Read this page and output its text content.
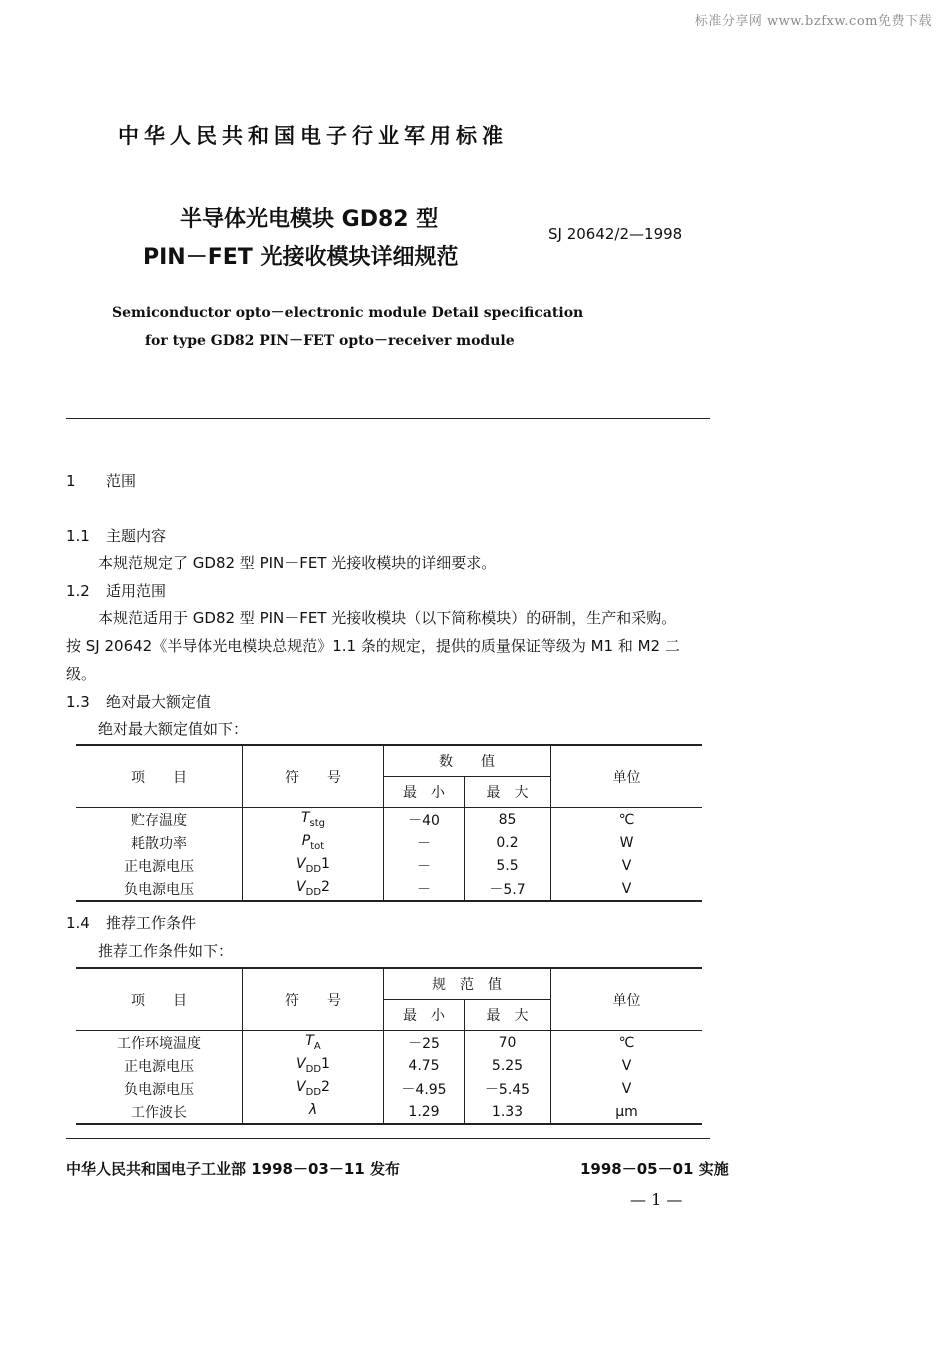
标准分享网 www.bzfxw.com免费下载
中华人民共和国电子行业军用标准
半导体光电模块 GD82 型
PIN－FET 光接收模块详细规范
SJ 20642/2—1998
Semiconductor opto－electronic module Detail specification
for type GD82 PIN－FET opto－receiver module
1 范围
1.1 主题内容
本规范规定了 GD82 型 PIN－FET 光接收模块的详细要求。
1.2 适用范围
本规范适用于 GD82 型 PIN－FET 光接收模块（以下简称模块）的研制，生产和采购。
按 SJ 20642《半导体光电模块总规范》1.1 条的规定，提供的质量保证等级为 M1 和 M2 二
级。
1.3 绝对最大额定值
绝对最大额定值如下：
项　　目	符　　号	数　　值		单位
		最　小	最　大	
贮存温度	$T_{stg}$	－40	85	℃
耗散功率	$P_{tot}$	－	0.2	W
正电源电压	$V_{DD}1$	－	5.5	V
负电源电压	$V_{DD}2$	－	－5.7	V
1.4 推荐工作条件
推荐工作条件如下：
项　　目	符　　号	规　范　值		单位
		最　小	最　大	
工作环境温度	$T_A$	－25	70	℃
正电源电压	$V_{DD}1$	4.75	5.25	V
负电源电压	$V_{DD}2$	－4.95	－5.45	V
工作波长	λ	1.29	1.33	μm
中华人民共和国电子工业部 1998－03－11 发布	1998－05－01 实施
— 1 —
